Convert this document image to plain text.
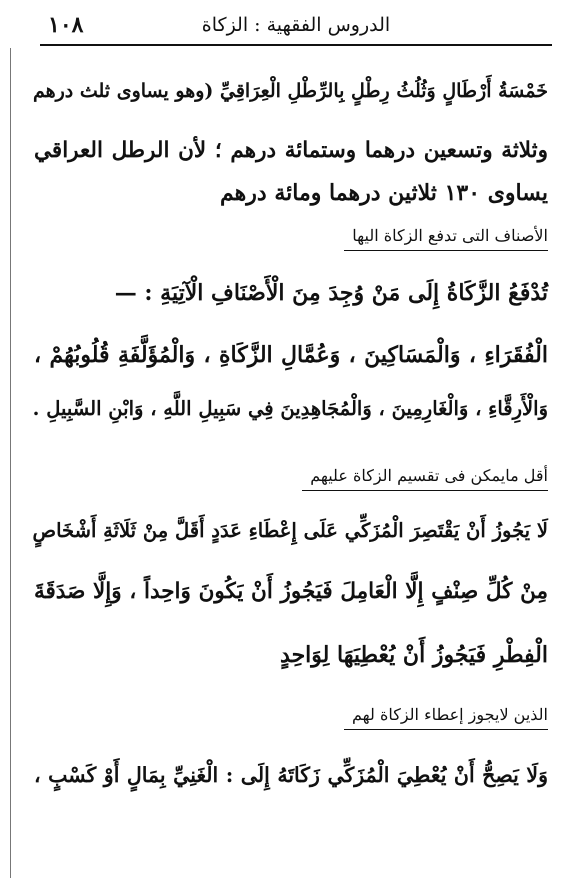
١٠٨	الدروس الفقهية : الزكاة
خَمْسَةُ أَرْطَالٍ وَثُلُثُ رِطْلٍ بِالرِّطْلِ الْعِرَاقِيِّ (وهو يساوى ثلث درهم
وثلاثة وتسعين درهما وستمائة درهم ؛ لأن الرطل العراقي
يساوى ١٣٠ ثلاثين درهما ومائة درهم
الأصناف التى تدفع الزكاة اليها
تُدْفَعُ الزَّكَاةُ إِلَى مَنْ وُجِدَ مِنَ الْأَصْنَافِ الْآتِيَةِ : —
الْفُقَرَاءِ ، وَالْمَسَاكِينَ ، وَعُمَّالِ الزَّكَاةِ ، وَالْمُؤَلَّفَةِ قُلُوبُهُمْ ،
وَالْأَرِقَّاءِ ، وَالْغَارِمِينَ ، وَالْمُجَاهِدِينَ فِي سَبِيلِ اللَّهِ ، وَابْنِ السَّبِيلِ .
أقل مايمكن فى تقسيم الزكاة عليهم
لَا يَجُوزُ أَنْ يَقْتَصِرَ الْمُزَكِّي عَلَى إِعْطَاءِ عَدَدٍ أَقَلَّ مِنْ ثَلَاثَةِ أَشْخَاصٍ
مِنْ كُلِّ صِنْفٍ إِلَّا الْعَامِلَ فَيَجُوزُ أَنْ يَكُونَ وَاحِداً ، وَإِلَّا صَدَقَةَ
الْفِطْرِ فَيَجُوزُ أَنْ يُعْطِيَهَا لِوَاحِدٍ
الذين لايجوز إعطاء الزكاة لهم
وَلَا يَصِحُّ أَنْ يُعْطِيَ الْمُزَكِّي زَكَاتَهُ إِلَى : الْغَنِيِّ بِمَالٍ أَوْ كَسْبٍ ،
